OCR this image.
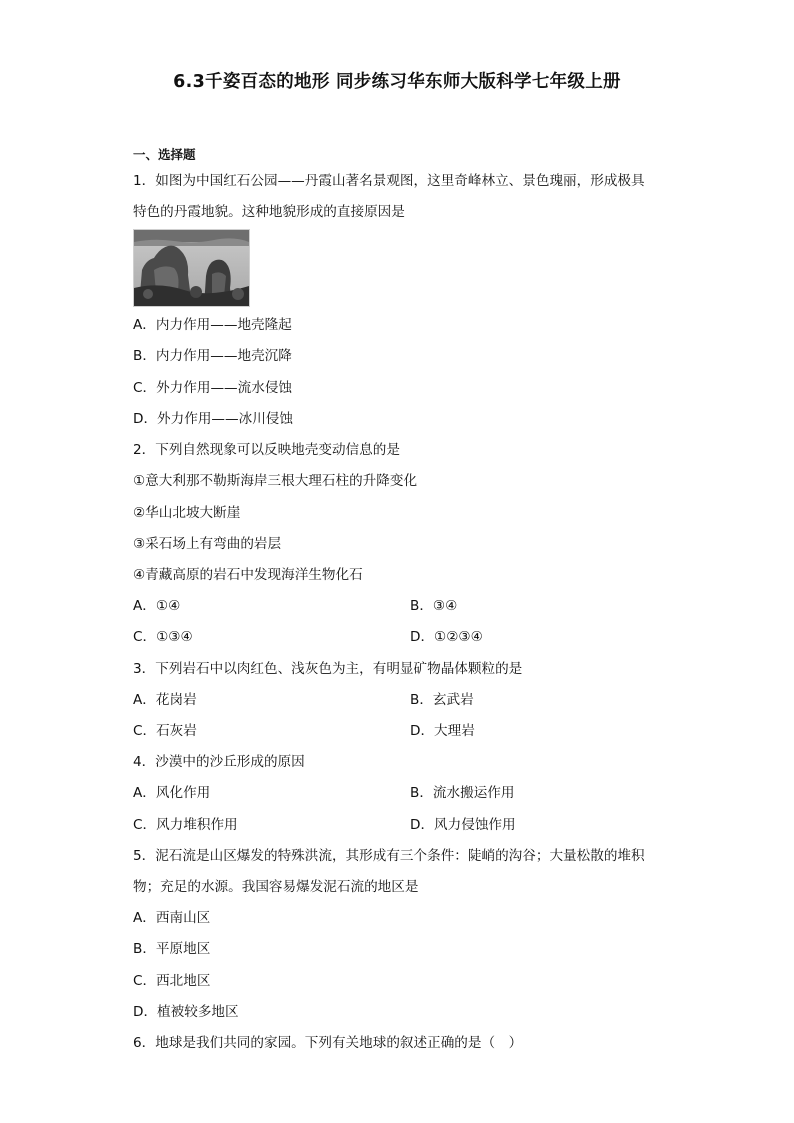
6.3千姿百态的地形 同步练习华东师大版科学七年级上册
一、选择题
1．如图为中国红石公园——丹霞山著名景观图，这里奇峰林立、景色瑰丽，形成极具
特色的丹霞地貌。这种地貌形成的直接原因是
A．内力作用——地壳隆起
B．内力作用——地壳沉降
C．外力作用——流水侵蚀
D．外力作用——冰川侵蚀
2．下列自然现象可以反映地壳变动信息的是
①意大利那不勒斯海岸三根大理石柱的升降变化
②华山北坡大断崖
③采石场上有弯曲的岩层
④青藏高原的岩石中发现海洋生物化石
A．①④	B．③④
C．①③④	D．①②③④
3．下列岩石中以肉红色、浅灰色为主，有明显矿物晶体颗粒的是
A．花岗岩	B．玄武岩
C．石灰岩	D．大理岩
4．沙漠中的沙丘形成的原因
A．风化作用	B．流水搬运作用
C．风力堆积作用	D．风力侵蚀作用
5．泥石流是山区爆发的特殊洪流，其形成有三个条件：陡峭的沟谷；大量松散的堆积
物；充足的水源。我国容易爆发泥石流的地区是
A．西南山区
B．平原地区
C．西北地区
D．植被较多地区
6．地球是我们共同的家园。下列有关地球的叙述正确的是（　）
